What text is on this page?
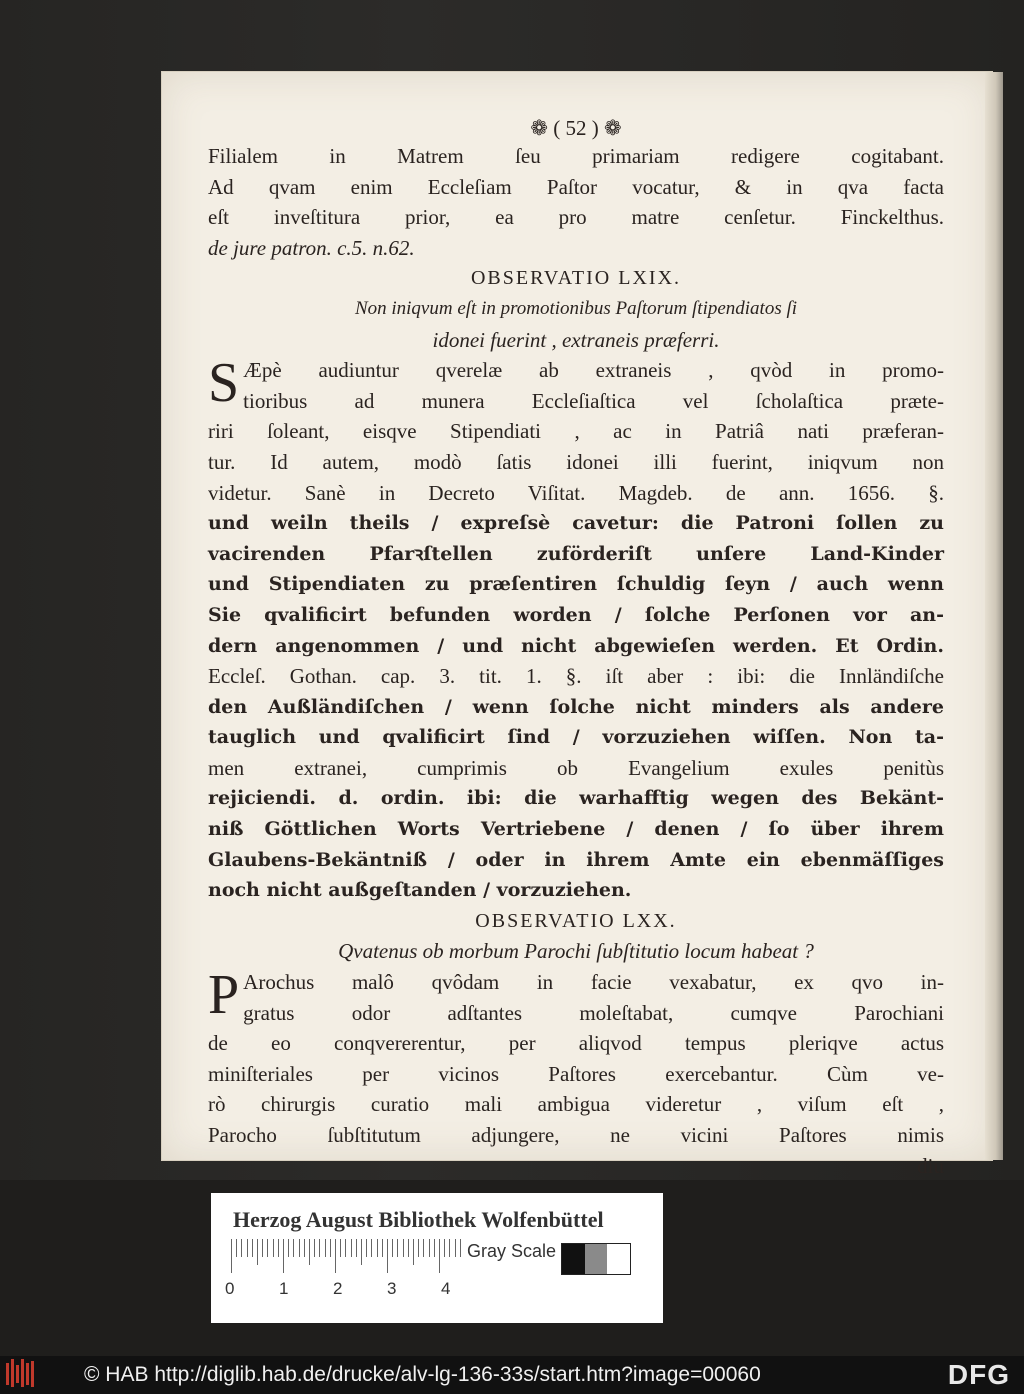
❁ ( 52 ) ❁
Filialem in Matrem ſeu primariam redigere cogitabant.
Ad qvam enim Eccleſiam Paſtor vocatur, & in qva facta
eſt inveſtitura prior, ea pro matre cenſetur. Finckelthus.
de jure patron. c.5. n.62.
OBSERVATIO LXIX.
Non iniqvum eſt in promotionibus Paſtorum ſtipendiatos ſi
idonei fuerint , extraneis præferri.
S Æpè audiuntur qverelæ ab extraneis , qvòd in promo-
tioribus ad munera Eccleſiaſtica vel ſcholaſtica præte-
riri ſoleant, eisqve Stipendiati , ac in Patriâ nati præferan-
tur. Id autem, modò ſatis idonei illi fuerint, iniqvum non
videtur. Sanè in Decreto Viſitat. Magdeb. de ann. 1656. §.
und weiln theils / expreſsè cavetur: die Patroni ſollen zu
vacirenden Pfarꝛſtellen zuförderiſt unſere Land-Kinder
und Stipendiaten zu præſentiren ſchuldig ſeyn / auch wenn
Sie qvalificirt befunden worden / ſolche Perſonen vor an-
dern angenommen / und nicht abgewieſen werden. Et Ordin.
Eccleſ. Gothan. cap. 3. tit. 1. §. iſt aber : ibi: die Innländiſche
den Außländiſchen / wenn ſolche nicht minders als andere
tauglich und qvalificirt ſind / vorzuziehen wiſſen. Non ta-
men extranei, cumprimis ob Evangelium exules penitùs
rejiciendi. d. ordin. ibi: die warhafftig wegen des Bekänt-
niß Göttlichen Worts Vertriebene / denen / ſo über ihrem
Glaubens-Bekäntniß / oder in ihrem Amte ein ebenmäſſiges
noch nicht außgeſtanden / vorzuziehen.
OBSERVATIO LXX.
Qvatenus ob morbum Parochi ſubſtitutio locum habeat ?
P Arochus malô qvôdam in facie vexabatur, ex qvo in-
gratus odor adſtantes moleſtabat, cumqve Parochiani
de eo conqvererentur, per aliqvod tempus pleriqve actus
miniſteriales per vicinos Paſtores exercebantur. Cùm ve-
rò chirurgis curatio mali ambigua videretur , viſum eſt ,
Parocho ſubſtitutum adjungere, ne vicini Paſtores nimis
diu
Herzog August Bibliothek Wolfenbüttel
0	1	2	3	4
Gray Scale
© HAB http://diglib.hab.de/drucke/alv-lg-136-33s/start.htm?image=00060	DFG
